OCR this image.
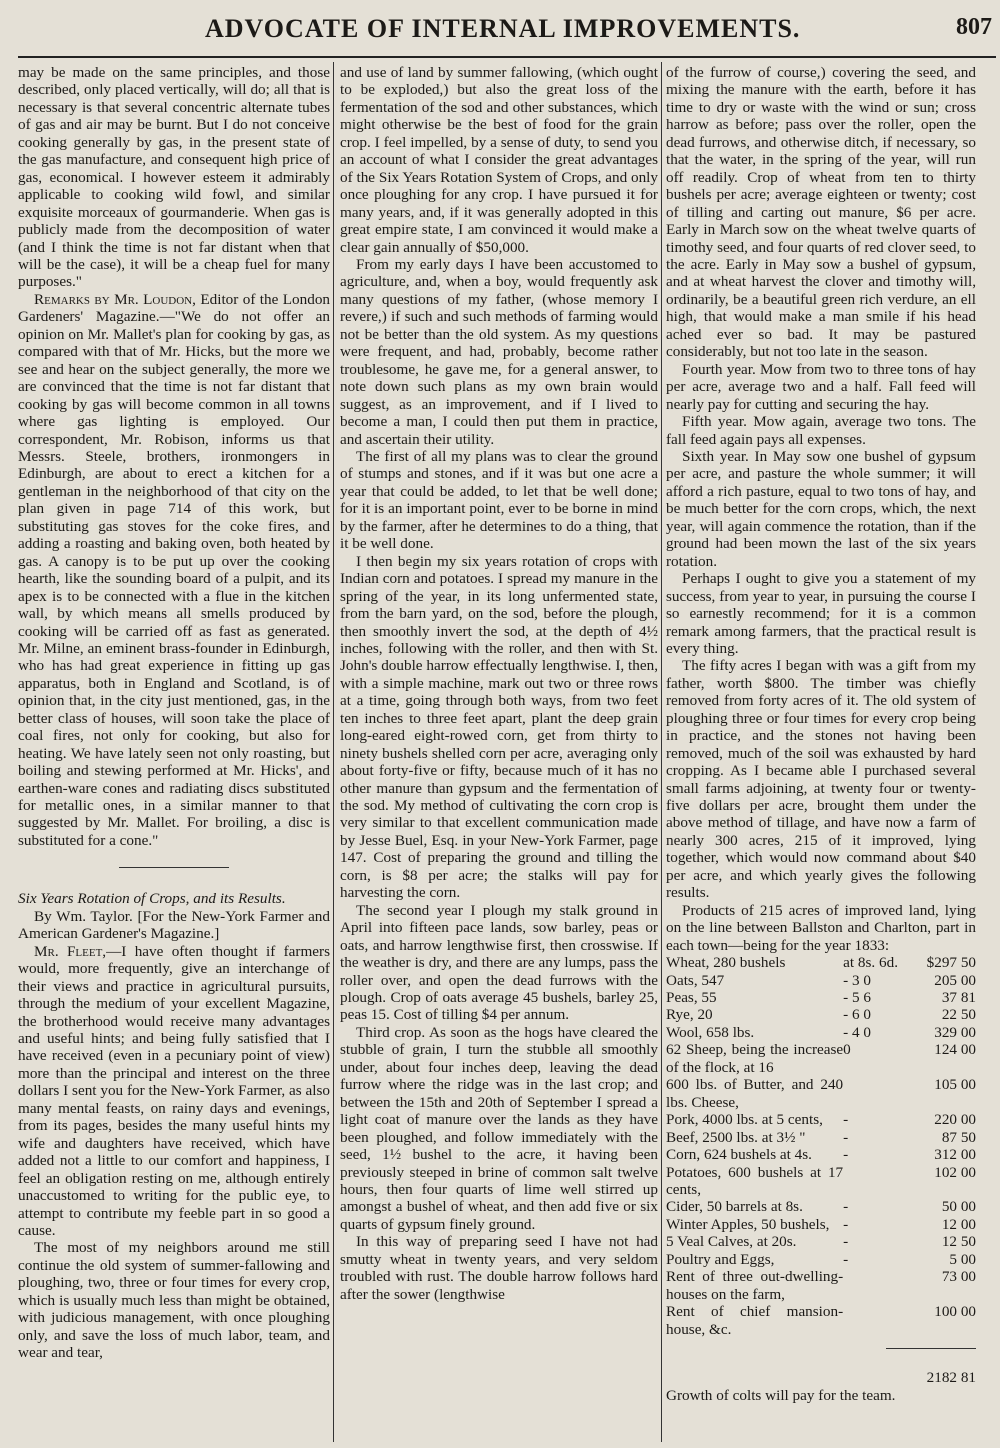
ADVOCATE OF INTERNAL IMPROVEMENTS.	807

may be made on the same principles, and those described, only placed vertically, will do; all that is necessary is that several concentric alternate tubes of gas and air may be burnt. But I do not conceive cooking generally by gas, in the present state of the gas manufacture, and consequent high price of gas, economical. I however esteem it admirably applicable to cooking wild fowl, and similar exquisite morceaux of gourmanderie. When gas is publicly made from the decomposition of water (and I think the time is not far distant when that will be the case), it will be a cheap fuel for many purposes."

Remarks by Mr. Loudon, Editor of the London Gardeners' Magazine.—"We do not offer an opinion on Mr. Mallet's plan for cooking by gas, as compared with that of Mr. Hicks, but the more we see and hear on the subject generally, the more we are convinced that the time is not far distant that cooking by gas will become common in all towns where gas lighting is employed. Our correspondent, Mr. Robison, informs us that Messrs. Steele, brothers, ironmongers in Edinburgh, are about to erect a kitchen for a gentleman in the neighborhood of that city on the plan given in page 714 of this work, but substituting gas stoves for the coke fires, and adding a roasting and baking oven, both heated by gas. A canopy is to be put up over the cooking hearth, like the sounding board of a pulpit, and its apex is to be connected with a flue in the kitchen wall, by which means all smells produced by cooking will be carried off as fast as generated. Mr. Milne, an eminent brass-founder in Edinburgh, who has had great experience in fitting up gas apparatus, both in England and Scotland, is of opinion that, in the city just mentioned, gas, in the better class of houses, will soon take the place of coal fires, not only for cooking, but also for heating. We have lately seen not only roasting, but boiling and stewing performed at Mr. Hicks', and earthen-ware cones and radiating discs substituted for metallic ones, in a similar manner to that suggested by Mr. Mallet. For broiling, a disc is substituted for a cone."

Six Years Rotation of Crops, and its Results.

By Wm. Taylor. [For the New-York Farmer and American Gardener's Magazine.]

Mr. Fleet,—I have often thought if farmers would, more frequently, give an interchange of their views and practice in agricultural pursuits, through the medium of your excellent Magazine, the brotherhood would receive many advantages and useful hints; and being fully satisfied that I have received (even in a pecuniary point of view) more than the principal and interest on the three dollars I sent you for the New-York Farmer, as also many mental feasts, on rainy days and evenings, from its pages, besides the many useful hints my wife and daughters have received, which have added not a little to our comfort and happiness, I feel an obligation resting on me, although entirely unaccustomed to writing for the public eye, to attempt to contribute my feeble part in so good a cause.

The most of my neighbors around me still continue the old system of summer-fallowing and ploughing, two, three or four times for every crop, which is usually much less than might be obtained, with judicious management, with once ploughing only, and save the loss of much labor, team, and wear and tear,

and use of land by summer fallowing, (which ought to be exploded,) but also the great loss of the fermentation of the sod and other substances, which might otherwise be the best of food for the grain crop. I feel impelled, by a sense of duty, to send you an account of what I consider the great advantages of the Six Years Rotation System of Crops, and only once ploughing for any crop. I have pursued it for many years, and, if it was generally adopted in this great empire state, I am convinced it would make a clear gain annually of $50,000.

From my early days I have been accustomed to agriculture, and, when a boy, would frequently ask many questions of my father, (whose memory I revere,) if such and such methods of farming would not be better than the old system. As my questions were frequent, and had, probably, become rather troublesome, he gave me, for a general answer, to note down such plans as my own brain would suggest, as an improvement, and if I lived to become a man, I could then put them in practice, and ascertain their utility.

The first of all my plans was to clear the ground of stumps and stones, and if it was but one acre a year that could be added, to let that be well done; for it is an important point, ever to be borne in mind by the farmer, after he determines to do a thing, that it be well done.

I then begin my six years rotation of crops with Indian corn and potatoes. I spread my manure in the spring of the year, in its long unfermented state, from the barn yard, on the sod, before the plough, then smoothly invert the sod, at the depth of 4½ inches, following with the roller, and then with St. John's double harrow effectually lengthwise. I, then, with a simple machine, mark out two or three rows at a time, going through both ways, from two feet ten inches to three feet apart, plant the deep grain long-eared eight-rowed corn, get from thirty to ninety bushels shelled corn per acre, averaging only about forty-five or fifty, because much of it has no other manure than gypsum and the fermentation of the sod. My method of cultivating the corn crop is very similar to that excellent communication made by Jesse Buel, Esq. in your New-York Farmer, page 147. Cost of preparing the ground and tilling the corn, is $8 per acre; the stalks will pay for harvesting the corn.

The second year I plough my stalk ground in April into fifteen pace lands, sow barley, peas or oats, and harrow lengthwise first, then crosswise. If the weather is dry, and there are any lumps, pass the roller over, and open the dead furrows with the plough. Crop of oats average 45 bushels, barley 25, peas 15. Cost of tilling $4 per annum.

Third crop. As soon as the hogs have cleared the stubble of grain, I turn the stubble all smoothly under, about four inches deep, leaving the dead furrow where the ridge was in the last crop; and between the 15th and 20th of September I spread a light coat of manure over the lands as they have been ploughed, and follow immediately with the seed, 1½ bushel to the acre, it having been previously steeped in brine of common salt twelve hours, then four quarts of lime well stirred up amongst a bushel of wheat, and then add five or six quarts of gypsum finely ground.

In this way of preparing seed I have not had smutty wheat in twenty years, and very seldom troubled with rust. The double harrow follows hard after the sower (lengthwise

of the furrow of course,) covering the seed, and mixing the manure with the earth, before it has time to dry or waste with the wind or sun; cross harrow as before; pass over the roller, open the dead furrows, and otherwise ditch, if necessary, so that the water, in the spring of the year, will run off readily. Crop of wheat from ten to thirty bushels per acre; average eighteen or twenty; cost of tilling and carting out manure, $6 per acre. Early in March sow on the wheat twelve quarts of timothy seed, and four quarts of red clover seed, to the acre. Early in May sow a bushel of gypsum, and at wheat harvest the clover and timothy will, ordinarily, be a beautiful green rich verdure, an ell high, that would make a man smile if his head ached ever so bad. It may be pastured considerably, but not too late in the season.

Fourth year. Mow from two to three tons of hay per acre, average two and a half. Fall feed will nearly pay for cutting and securing the hay.

Fifth year. Mow again, average two tons. The fall feed again pays all expenses.

Sixth year. In May sow one bushel of gypsum per acre, and pasture the whole summer; it will afford a rich pasture, equal to two tons of hay, and be much better for the corn crops, which, the next year, will again commence the rotation, than if the ground had been mown the last of the six years rotation.

Perhaps I ought to give you a statement of my success, from year to year, in pursuing the course I so earnestly recommend; for it is a common remark among farmers, that the practical result is every thing.

The fifty acres I began with was a gift from my father, worth $800. The timber was chiefly removed from forty acres of it. The old system of ploughing three or four times for every crop being in practice, and the stones not having been removed, much of the soil was exhausted by hard cropping. As I became able I purchased several small farms adjoining, at twenty four or twenty-five dollars per acre, brought them under the above method of tillage, and have now a farm of nearly 300 acres, 215 of it improved, lying together, which would now command about $40 per acre, and which yearly gives the following results.

Products of 215 acres of improved land, lying on the line between Ballston and Charlton, part in each town—being for the year 1833:

Wheat, 280 bushels	at 8s. 6d.	$297 50
Oats, 547	- 3 0	205 00
Peas, 55	- 5 6	37 81
Rye, 20	- 6 0	22 50
Wool, 658 lbs.	- 4 0	329 00
62 Sheep, being the increase of the flock, at 16	0	124 00
600 lbs. of Butter, and 240 lbs. Cheese,		105 00
Pork, 4000 lbs. at 5 cents,	-	220 00
Beef, 2500 lbs. at 3½ "	-	87 50
Corn, 624 bushels at 4s.	-	312 00
Potatoes, 600 bushels at 17 cents,		102 00
Cider, 50 barrels at 8s.	-	50 00
Winter Apples, 50 bushels,	-	12 00
5 Veal Calves, at 20s.	-	12 50
Poultry and Eggs,	-	5 00
Rent of three out-dwelling-houses on the farm,		73 00
Rent of chief mansion-house, &c.		100 00
2182 81

Growth of colts will pay for the team.
